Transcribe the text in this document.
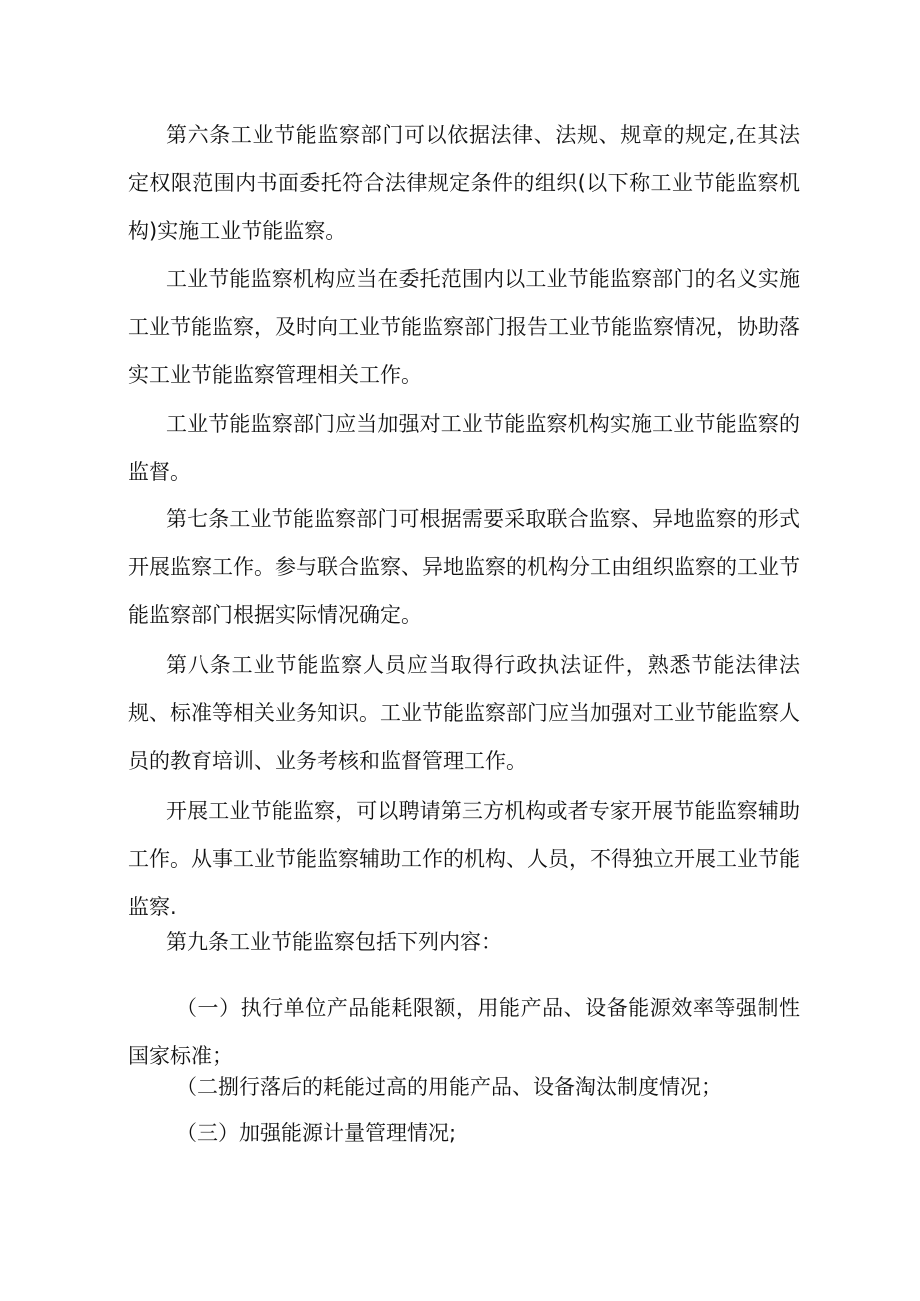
第六条工业节能监察部门可以依据法律、法规、规章的规定,在其法定权限范围内书面委托符合法律规定条件的组织(以下称工业节能监察机构)实施工业节能监察。

工业节能监察机构应当在委托范围内以工业节能监察部门的名义实施工业节能监察，及时向工业节能监察部门报告工业节能监察情况，协助落实工业节能监察管理相关工作。

工业节能监察部门应当加强对工业节能监察机构实施工业节能监察的监督。

第七条工业节能监察部门可根据需要采取联合监察、异地监察的形式开展监察工作。参与联合监察、异地监察的机构分工由组织监察的工业节能监察部门根据实际情况确定。

第八条工业节能监察人员应当取得行政执法证件，熟悉节能法律法规、标准等相关业务知识。工业节能监察部门应当加强对工业节能监察人员的教育培训、业务考核和监督管理工作。

开展工业节能监察，可以聘请第三方机构或者专家开展节能监察辅助工作。从事工业节能监察辅助工作的机构、人员，不得独立开展工业节能监察.

第九条工业节能监察包括下列内容：

（一）执行单位产品能耗限额，用能产品、设备能源效率等强制性国家标准；

（二捌行落后的耗能过高的用能产品、设备淘汰制度情况；

（三）加强能源计量管理情况;
